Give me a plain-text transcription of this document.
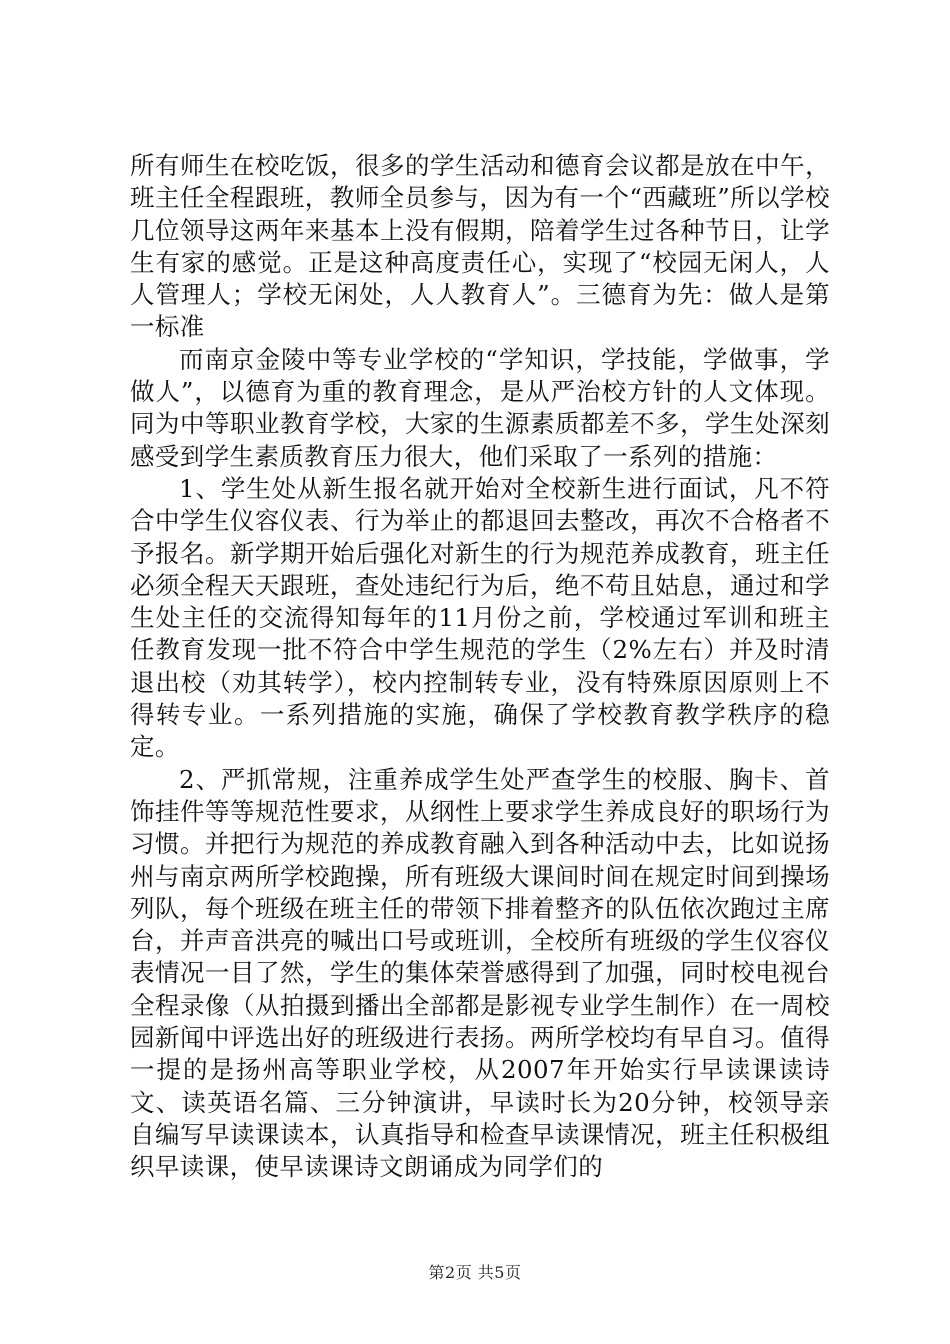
所有师生在校吃饭，很多的学生活动和德育会议都是放在中午，班主任全程跟班，教师全员参与，因为有一个“西藏班”所以学校几位领导这两年来基本上没有假期，陪着学生过各种节日，让学生有家的感觉。正是这种高度责任心，实现了“校园无闲人，人人管理人；学校无闲处，人人教育人”。三德育为先：做人是第一标准

而南京金陵中等专业学校的“学知识，学技能，学做事，学做人”，以德育为重的教育理念，是从严治校方针的人文体现。同为中等职业教育学校，大家的生源素质都差不多，学生处深刻感受到学生素质教育压力很大，他们采取了一系列的措施：

1、学生处从新生报名就开始对全校新生进行面试，凡不符合中学生仪容仪表、行为举止的都退回去整改，再次不合格者不予报名。新学期开始后强化对新生的行为规范养成教育，班主任必须全程天天跟班，查处违纪行为后，绝不苟且姑息，通过和学生处主任的交流得知每年的11月份之前，学校通过军训和班主任教育发现一批不符合中学生规范的学生（2%左右）并及时清退出校（劝其转学），校内控制转专业，没有特殊原因原则上不得转专业。一系列措施的实施，确保了学校教育教学秩序的稳定。

2、严抓常规，注重养成学生处严查学生的校服、胸卡、首饰挂件等等规范性要求，从纲性上要求学生养成良好的职场行为习惯。并把行为规范的养成教育融入到各种活动中去，比如说扬州与南京两所学校跑操，所有班级大课间时间在规定时间到操场列队，每个班级在班主任的带领下排着整齐的队伍依次跑过主席台，并声音洪亮的喊出口号或班训，全校所有班级的学生仪容仪表情况一目了然，学生的集体荣誉感得到了加强，同时校电视台全程录像（从拍摄到播出全部都是影视专业学生制作）在一周校园新闻中评选出好的班级进行表扬。两所学校均有早自习。值得一提的是扬州高等职业学校，从2007年开始实行早读课读诗文、读英语名篇、三分钟演讲，早读时长为20分钟，校领导亲自编写早读课读本，认真指导和检查早读课情况，班主任积极组织早读课，使早读课诗文朗诵成为同学们的

第2页 共5页
